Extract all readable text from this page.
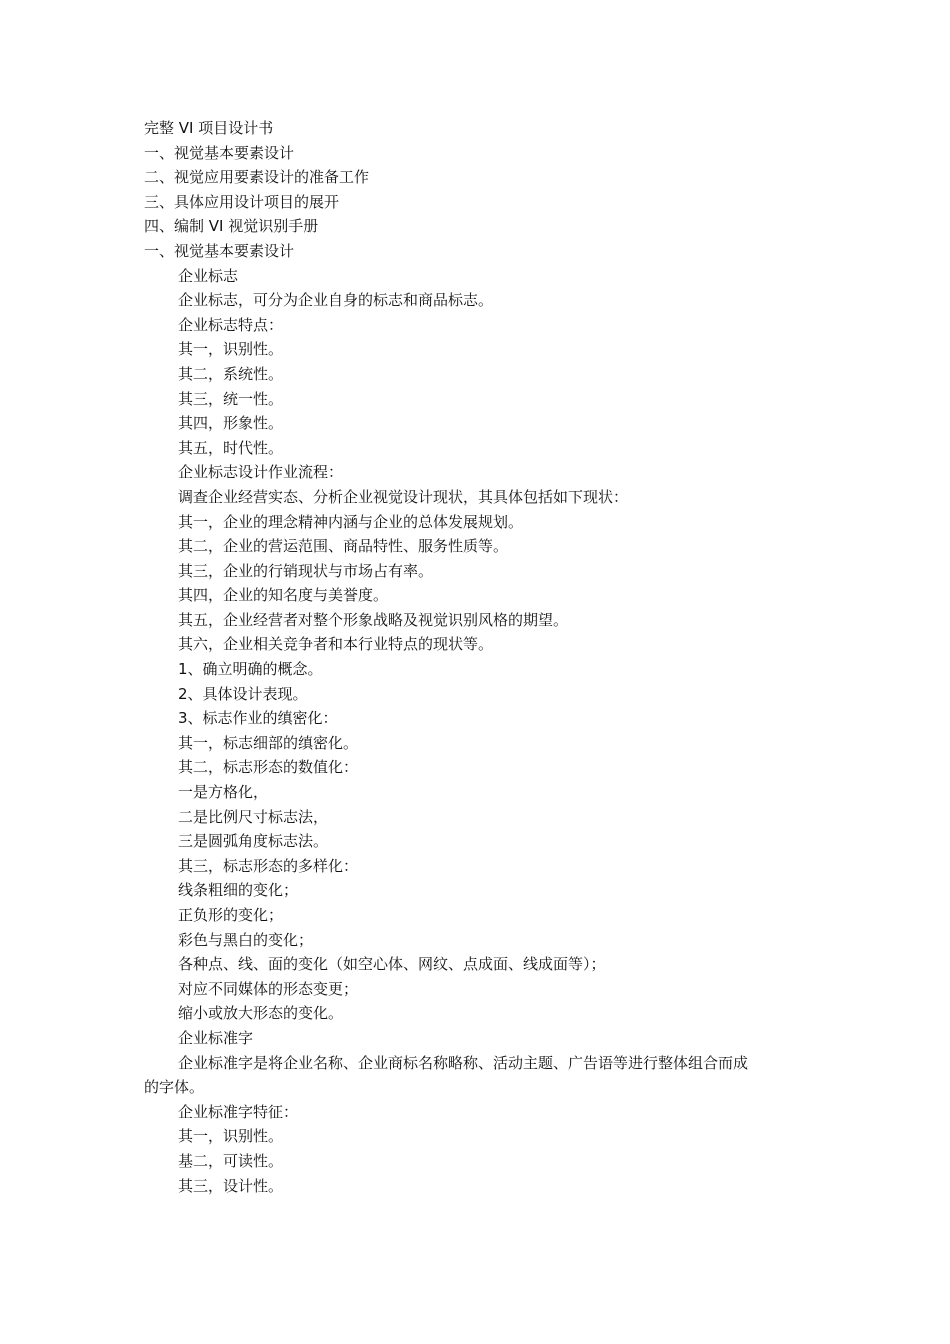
完整 VI 项目设计书
一、视觉基本要素设计
二、视觉应用要素设计的准备工作
三、具体应用设计项目的展开
四、编制 VI 视觉识别手册
一、视觉基本要素设计
企业标志
企业标志，可分为企业自身的标志和商品标志。
企业标志特点：
其一，识别性。
其二，系统性。
其三，统一性。
其四，形象性。
其五，时代性。
企业标志设计作业流程：
调查企业经营实态、分析企业视觉设计现状，其具体包括如下现状：
其一，企业的理念精神内涵与企业的总体发展规划。
其二，企业的营运范围、商品特性、服务性质等。
其三，企业的行销现状与市场占有率。
其四，企业的知名度与美誉度。
其五，企业经营者对整个形象战略及视觉识别风格的期望。
其六，企业相关竞争者和本行业特点的现状等。
1、确立明确的概念。
2、具体设计表现。
3、标志作业的缜密化：
其一，标志细部的缜密化。
其二，标志形态的数值化：
一是方格化，
二是比例尺寸标志法，
三是圆弧角度标志法。
其三，标志形态的多样化：
线条粗细的变化；
正负形的变化；
彩色与黑白的变化；
各种点、线、面的变化（如空心体、网纹、点成面、线成面等）；
对应不同媒体的形态变更；
缩小或放大形态的变化。
企业标准字
企业标准字是将企业名称、企业商标名称略称、活动主题、广告语等进行整体组合而成
的字体。
企业标准字特征：
其一，识别性。
基二，可读性。
其三，设计性。
